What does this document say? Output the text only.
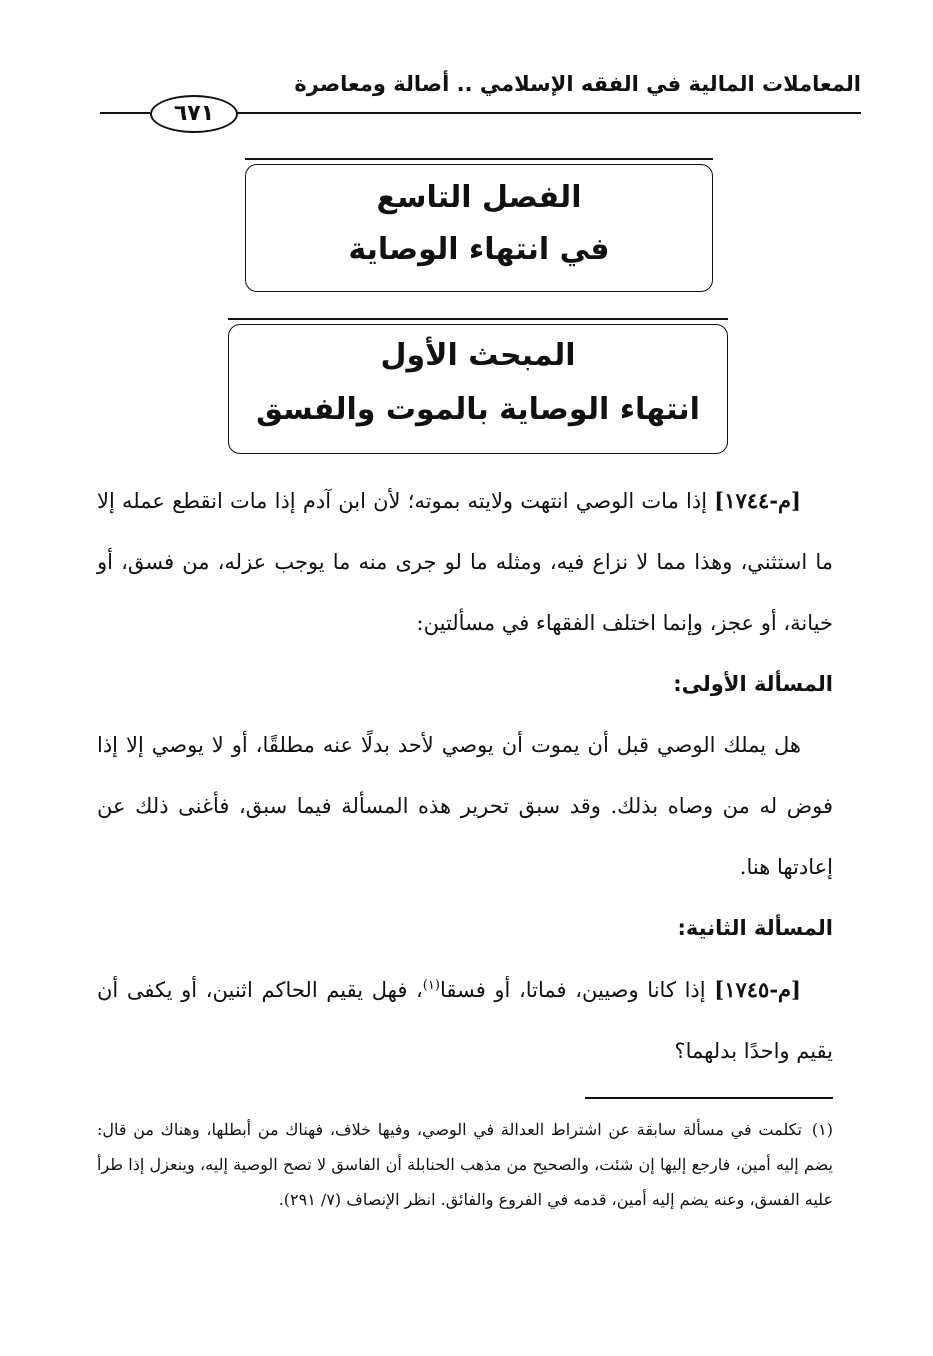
المعاملات المالية في الفقه الإسلامي .. أصالة ومعاصرة
٦٧١
الفصل التاسع
في انتهاء الوصاية
المبحث الأول
انتهاء الوصاية بالموت والفسق

[م-١٧٤٤] إذا مات الوصي انتهت ولايته بموته؛ لأن ابن آدم إذا مات انقطع عمله إلا ما استثني، وهذا مما لا نزاع فيه، ومثله ما لو جرى منه ما يوجب عزله، من فسق، أو خيانة، أو عجز، وإنما اختلف الفقهاء في مسألتين:

المسألة الأولى:

هل يملك الوصي قبل أن يموت أن يوصي لأحد بدلًا عنه مطلقًا، أو لا يوصي إلا إذا فوض له من وصاه بذلك. وقد سبق تحرير هذه المسألة فيما سبق، فأغنى ذلك عن إعادتها هنا.

المسألة الثانية:

[م-١٧٤٥] إذا كانا وصيين، فماتا، أو فسقا$^{(١)}$، فهل يقيم الحاكم اثنين، أو يكفى أن يقيم واحدًا بدلهما؟

(١)تكلمت في مسألة سابقة عن اشتراط العدالة في الوصي، وفيها خلاف، فهناك من أبطلها، وهناك من قال: يضم إليه أمين، فارجع إليها إن شئت، والصحيح من مذهب الحنابلة أن الفاسق لا تصح الوصية إليه، وينعزل إذا طرأ عليه الفسق، وعنه يضم إليه أمين، قدمه في الفروع والفائق. انظر الإنصاف (٧/ ٢٩١).
